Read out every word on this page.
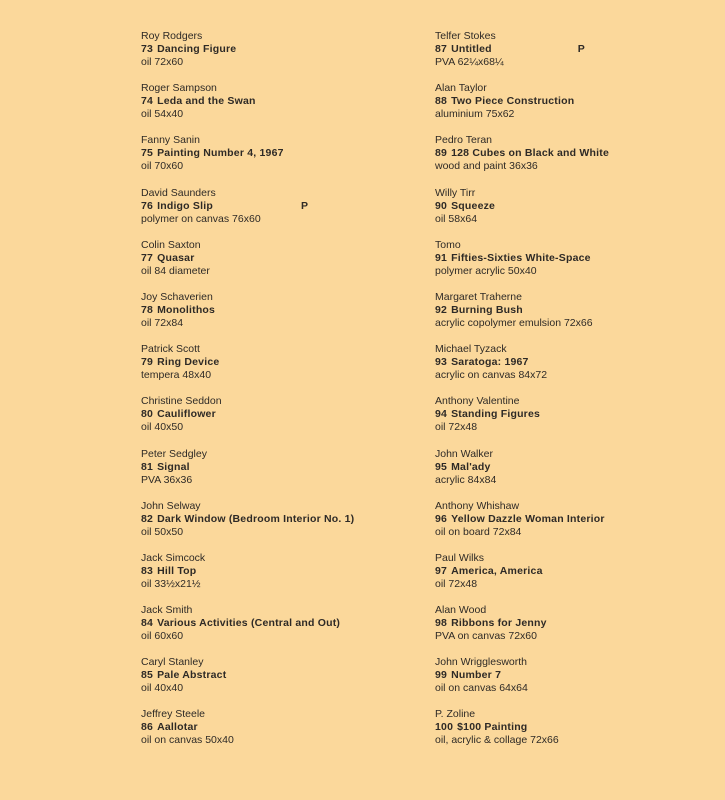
Roy Rodgers
73 Dancing Figure
oil 72x60
Roger Sampson
74 Leda and the Swan
oil 54x40
Fanny Sanin
75 Painting Number 4, 1967
oil 70x60
David Saunders
76 Indigo Slip	P
polymer on canvas 76x60
Colin Saxton
77 Quasar
oil 84 diameter
Joy Schaverien
78 Monolithos
oil 72x84
Patrick Scott
79 Ring Device
tempera 48x40
Christine Seddon
80 Cauliflower
oil 40x50
Peter Sedgley
81 Signal
PVA 36x36
John Selway
82 Dark Window (Bedroom Interior No. 1)
oil 50x50
Jack Simcock
83 Hill Top
oil 33½x21½
Jack Smith
84 Various Activities (Central and Out)
oil 60x60
Caryl Stanley
85 Pale Abstract
oil 40x40
Jeffrey Steele
86 Aallotar
oil on canvas 50x40
Telfer Stokes
87 Untitled	P
PVA 62¼x68¼
Alan Taylor
88 Two Piece Construction
aluminium 75x62
Pedro Teran
89 128 Cubes on Black and White
wood and paint 36x36
Willy Tirr
90 Squeeze
oil 58x64
Tomo
91 Fifties-Sixties White-Space
polymer acrylic 50x40
Margaret Traherne
92 Burning Bush
acrylic copolymer emulsion 72x66
Michael Tyzack
93 Saratoga: 1967
acrylic on canvas 84x72
Anthony Valentine
94 Standing Figures
oil 72x48
John Walker
95 Mal'ady
acrylic 84x84
Anthony Whishaw
96 Yellow Dazzle Woman Interior
oil on board 72x84
Paul Wilks
97 America, America
oil 72x48
Alan Wood
98 Ribbons for Jenny
PVA on canvas 72x60
John Wrigglesworth
99 Number 7
oil on canvas 64x64
P. Zoline
100 $100 Painting
oil, acrylic & collage 72x66
